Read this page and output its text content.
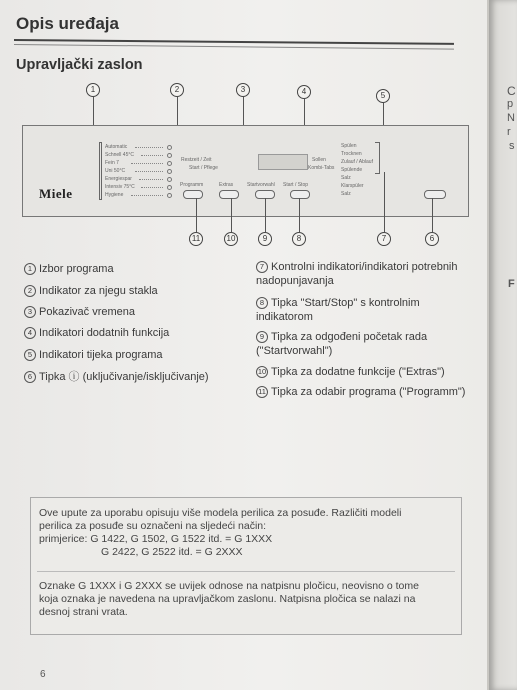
Opis uređaja
Upravljački zaslon
1	2	3	4	5
Miele
Automatic
Schnell 45°C
Fein 7
Uni 50°C
Energiespar
Intensiv 75°C
Hygiene
Restzeit / Zeit
Start / Pflege
Sollen
Kombi-Tabs
Spülen
Trocknen
Zulauf / Ablauf
Spülende
Salz
Klarspüler
Salz
Programm	Extras	Startvorwahl Start / Stop
11	10	9	8	7	6
1 Izbor programa
2 Indikator za njegu stakla
3 Pokazivač vremena
4 Indikatori dodatnih funkcija
5 Indikatori tijeka programa
6 Tipka ⓘ (uključivanje/isključivanje)
7 Kontrolni indikatori/indikatori potrebnih nadopunjavanja
8 Tipka "Start/Stop" s kontrolnim indikatorom
9 Tipka za odgođeni početak rada ("Startvorwahl")
10 Tipka za dodatne funkcije ("Extras")
11 Tipka za odabir programa ("Programm")

Ove upute za uporabu opisuju više modela perilica za posuđe. Različiti modeli

perilica za posuđe su označeni na sljedeći način:

primjerice: G 1422, G 1502, G 1522 itd. = G 1XXX

G 2422, G 2522 itd. = G 2XXX

Oznake G 1XXX i G 2XXX se uvijek odnose na natpisnu pločicu, neovisno o tome

koja oznaka je navedena na upravljačkom zaslonu. Natpisna pločica se nalazi na

desnoj strani vrata.

6
C
p
N
r
s
F
